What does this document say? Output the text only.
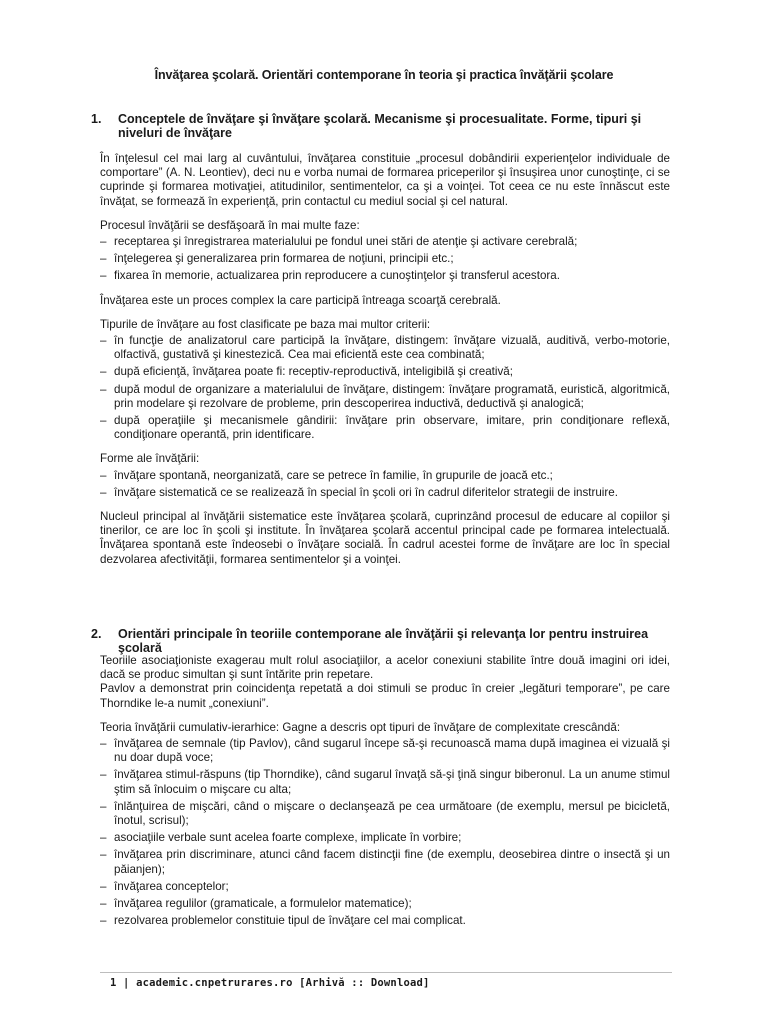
Învăţarea şcolară. Orientări contemporane în teoria şi practica învăţării şcolare
1. Conceptele de învăţare şi învăţare şcolară. Mecanisme şi procesualitate. Forme, tipuri şi niveluri de învăţare

În înţelesul cel mai larg al cuvântului, învăţarea constituie „procesul dobândirii experienţelor individuale de comportare” (A. N. Leontiev), deci nu e vorba numai de formarea priceperilor şi însuşirea unor cunoştinţe, ci se cuprinde şi formarea motivaţiei, atitudinilor, sentimentelor, ca şi a voinţei. Tot ceea ce nu este înnăscut este învăţat, se formează în experienţă, prin contactul cu mediul social şi cel natural.

Procesul învăţării se desfăşoară în mai multe faze:

– receptarea şi înregistrarea materialului pe fondul unei stări de atenţie şi activare cerebrală;
– înţelegerea şi generalizarea prin formarea de noţiuni, principii etc.;
– fixarea în memorie, actualizarea prin reproducere a cunoştinţelor şi transferul acestora.

Învăţarea este un proces complex la care participă întreaga scoarţă cerebrală.

Tipurile de învăţare au fost clasificate pe baza mai multor criterii:

– în funcţie de analizatorul care participă la învăţare, distingem: învăţare vizuală, auditivă, verbo-motorie, olfactivă, gustativă şi kinestezică. Cea mai eficientă este cea combinată;
– după eficienţă, învăţarea poate fi: receptiv-reproductivă, inteligibilă şi creativă;
– după modul de organizare a materialului de învăţare, distingem: învăţare programată, euristică, algoritmică, prin modelare şi rezolvare de probleme, prin descoperirea inductivă, deductivă şi analogică;
– după operaţiile şi mecanismele gândirii: învăţare prin observare, imitare, prin condiţionare reflexă, condiţionare operantă, prin identificare.

Forme ale învăţării:

– învăţare spontană, neorganizată, care se petrece în familie, în grupurile de joacă etc.;
– învăţare sistematică ce se realizează în special în şcoli ori în cadrul diferitelor strategii de instruire.

Nucleul principal al învăţării sistematice este învăţarea şcolară, cuprinzând procesul de educare al copiilor şi tinerilor, ce are loc în şcoli şi institute. În învăţarea şcolară accentul principal cade pe formarea intelectuală. Învăţarea spontană este îndeosebi o învăţare socială. În cadrul acestei forme de învăţare are loc în special dezvolarea afectivităţii, formarea sentimentelor şi a voinţei.

2. Orientări principale în teoriile contemporane ale învăţării şi relevanţa lor pentru instruirea şcolară

Teoriile asociaţioniste exagerau mult rolul asociaţiilor, a acelor conexiuni stabilite între două imagini ori idei, dacă se produc simultan şi sunt întărite prin repetare.

Pavlov a demonstrat prin coincidenţa repetată a doi stimuli se produc în creier „legături temporare”, pe care Thorndike le-a numit „conexiuni”.

Teoria învăţării cumulativ-ierarhice: Gagne a descris opt tipuri de învăţare de complexitate crescândă:

– învăţarea de semnale (tip Pavlov), când sugarul începe să-şi recunoască mama după imaginea ei vizuală şi nu doar după voce;
– învăţarea stimul-răspuns (tip Thorndike), când sugarul învaţă să-şi ţină singur biberonul. La un anume stimul ştim să înlocuim o mişcare cu alta;
– înlănţuirea de mişcări, când o mişcare o declanşează pe cea următoare (de exemplu, mersul pe bicicletă, înotul, scrisul);
– asociaţiile verbale sunt acelea foarte complexe, implicate în vorbire;
– învăţarea prin discriminare, atunci când facem distincţii fine (de exemplu, deosebirea dintre o insectă şi un păianjen);
– învăţarea conceptelor;
– învăţarea regulilor (gramaticale, a formulelor matematice);
– rezolvarea problemelor constituie tipul de învăţare cel mai complicat.
1 | academic.cnpetrurares.ro [Arhivă :: Download]
